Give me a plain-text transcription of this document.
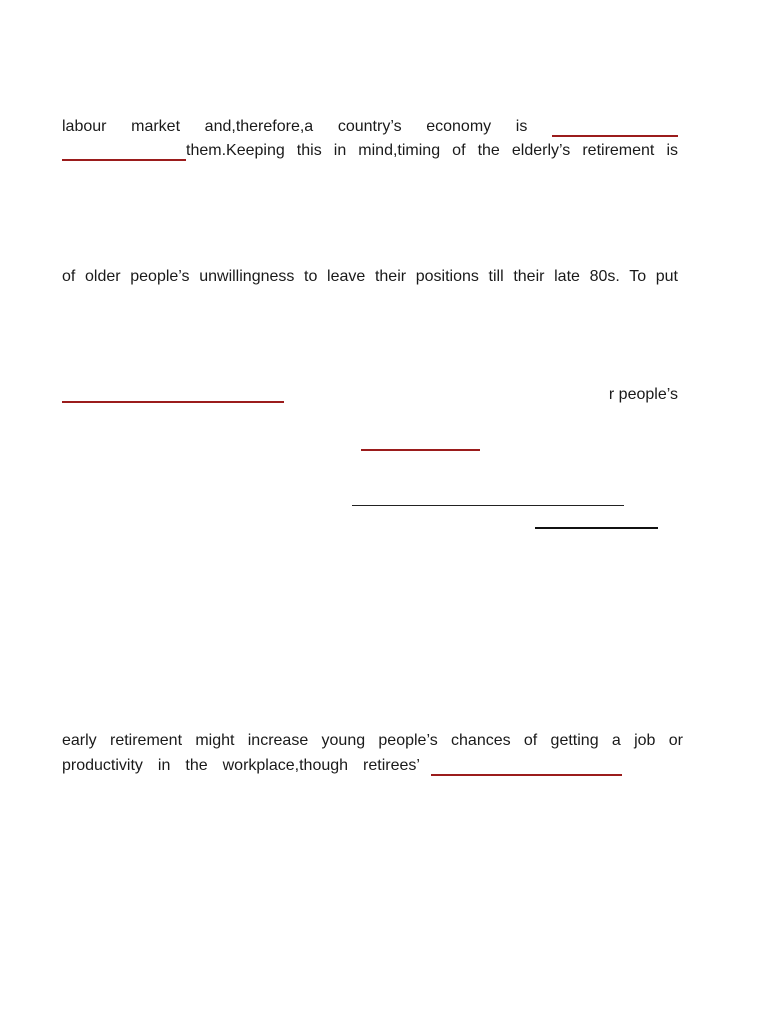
labour market and,therefore,a country’s economy is
them.Keeping this in mind,timing of the elderly’s retirement is
of older people’s unwillingness to leave their positions till their late 80s. To put
r people’s
early retirement might increase young people’s chances of getting a job or
productivity in the workplace,though retirees’
